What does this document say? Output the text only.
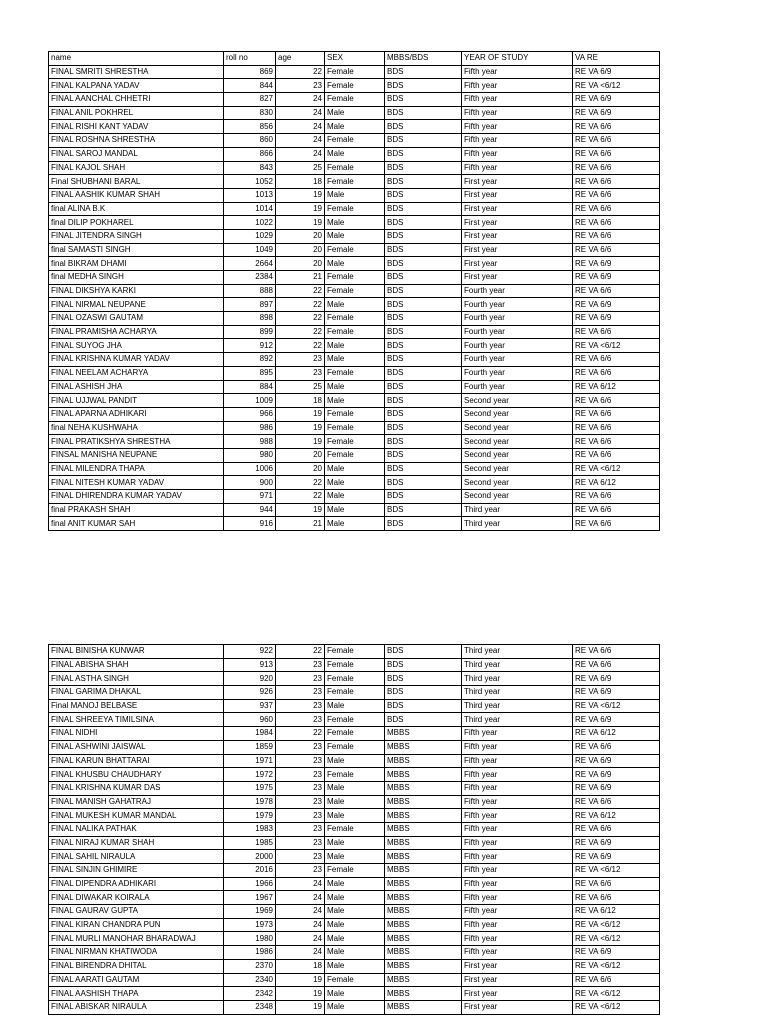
name	roll no	age	SEX	MBBS/BDS	YEAR OF STUDY	VA RE
FINAL SMRITI SHRESTHA	869	22	Female	BDS	Fifth year	RE VA 6/9
FINAL KALPANA YADAV	844	23	Female	BDS	Fifth year	RE VA <6/12
FINAL AANCHAL CHHETRI	827	24	Female	BDS	Fifth year	RE VA 6/9
FINAL ANIL POKHREL	830	24	Male	BDS	Fifth year	RE VA 6/9
FINAL RISHI KANT YADAV	856	24	Male	BDS	Fifth year	RE VA 6/6
FINAL ROSHNA SHRESTHA	860	24	Female	BDS	Fifth year	RE VA 6/6
FINAL SAROJ MANDAL	866	24	Male	BDS	Fifth year	RE VA 6/6
FINAL KAJOL SHAH	843	25	Female	BDS	Fifth year	RE VA 6/6
Final SHUBHANI BARAL	1052	18	Female	BDS	First year	RE VA 6/6
FINAL AASHIK KUMAR SHAH	1013	19	Male	BDS	First year	RE VA 6/6
final ALINA B.K	1014	19	Female	BDS	First year	RE VA 6/6
final DILIP POKHAREL	1022	19	Male	BDS	First year	RE VA 6/6
FINAL JITENDRA SINGH	1029	20	Male	BDS	First year	RE VA 6/6
final SAMASTI SINGH	1049	20	Female	BDS	First year	RE VA 6/6
final BIKRAM DHAMI	2664	20	Male	BDS	First year	RE VA 6/9
final MEDHA SINGH	2384	21	Female	BDS	First year	RE VA 6/9
FINAL DIKSHYA KARKI	888	22	Female	BDS	Fourth year	RE VA 6/6
FINAL NIRMAL NEUPANE	897	22	Male	BDS	Fourth year	RE VA 6/9
FINAL OZASWI GAUTAM	898	22	Female	BDS	Fourth year	RE VA 6/9
FINAL PRAMISHA ACHARYA	899	22	Female	BDS	Fourth year	RE VA 6/6
FINAL SUYOG JHA	912	22	Male	BDS	Fourth year	RE VA <6/12
FINAL KRISHNA KUMAR YADAV	892	23	Male	BDS	Fourth year	RE VA 6/6
FINAL NEELAM ACHARYA	895	23	Female	BDS	Fourth year	RE VA 6/6
FINAL ASHISH JHA	884	25	Male	BDS	Fourth year	RE VA 6/12
FINAL UJJWAL PANDIT	1009	18	Male	BDS	Second year	RE VA 6/6
FINAL APARNA ADHIKARI	966	19	Female	BDS	Second year	RE VA 6/6
final NEHA KUSHWAHA	986	19	Female	BDS	Second year	RE VA 6/6
FINAL PRATIKSHYA SHRESTHA	988	19	Female	BDS	Second year	RE VA 6/6
FINSAL MANISHA NEUPANE	980	20	Female	BDS	Second year	RE VA 6/6
FINAL MILENDRA THAPA	1006	20	Male	BDS	Second year	RE VA <6/12
FINAL NITESH KUMAR YADAV	900	22	Male	BDS	Second year	RE VA 6/12
FINAL DHIRENDRA KUMAR YADAV	971	22	Male	BDS	Second year	RE VA 6/6
final PRAKASH SHAH	944	19	Male	BDS	Third year	RE VA 6/6
final ANIT KUMAR SAH	916	21	Male	BDS	Third year	RE VA 6/6
FINAL BINISHA KUNWAR	922	22	Female	BDS	Third year	RE VA 6/6
FINAL ABISHA SHAH	913	23	Female	BDS	Third year	RE VA 6/6
FINAL ASTHA SINGH	920	23	Female	BDS	Third year	RE VA 6/9
FINAL GARIMA DHAKAL	926	23	Female	BDS	Third year	RE VA 6/9
Final MANOJ BELBASE	937	23	Male	BDS	Third year	RE VA <6/12
FINAL SHREEYA TIMILSINA	960	23	Female	BDS	Third year	RE VA 6/9
FINAL NIDHI	1984	22	Female	MBBS	Fifth year	RE VA 6/12
FINAL ASHWINI JAISWAL	1859	23	Female	MBBS	Fifth year	RE VA 6/6
FINAL KARUN BHATTARAI	1971	23	Male	MBBS	Fifth year	RE VA 6/9
FINAL KHUSBU CHAUDHARY	1972	23	Female	MBBS	Fifth year	RE VA 6/9
FINAL KRISHNA KUMAR DAS	1975	23	Male	MBBS	Fifth year	RE VA 6/9
FINAL MANISH GAHATRAJ	1978	23	Male	MBBS	Fifth year	RE VA 6/6
FINAL MUKESH KUMAR MANDAL	1979	23	Male	MBBS	Fifth year	RE VA 6/12
FINAL NALIKA PATHAK	1983	23	Female	MBBS	Fifth year	RE VA 6/6
FINAL NIRAJ KUMAR SHAH	1985	23	Male	MBBS	Fifth year	RE VA 6/9
FINAL SAHIL NIRAULA	2000	23	Male	MBBS	Fifth year	RE VA 6/9
FINAL SINJIN GHIMIRE	2016	23	Female	MBBS	Fifth year	RE VA <6/12
FINAL DIPENDRA ADHIKARI	1966	24	Male	MBBS	Fifth year	RE VA 6/6
FINAL DIWAKAR KOIRALA	1967	24	Male	MBBS	Fifth year	RE VA 6/6
FINAL GAURAV GUPTA	1969	24	Male	MBBS	Fifth year	RE VA 6/12
FINAL KIRAN CHANDRA PUN	1973	24	Male	MBBS	Fifth year	RE VA <6/12
FINAL MURLI MANOHAR BHARADWAJ	1980	24	Male	MBBS	Fifth year	RE VA <6/12
FINAL NIRMAN KHATIWODA	1986	24	Male	MBBS	Fifth year	RE VA 6/9
FINAL BIRENDRA DHITAL	2370	18	Male	MBBS	First year	RE VA <6/12
FINAL AARATI GAUTAM	2340	19	Female	MBBS	First year	RE VA 6/6
FINAL AASHISH THAPA	2342	19	Male	MBBS	First year	RE VA <6/12
FINAL ABISKAR NIRAULA	2348	19	Male	MBBS	First year	RE VA <6/12
